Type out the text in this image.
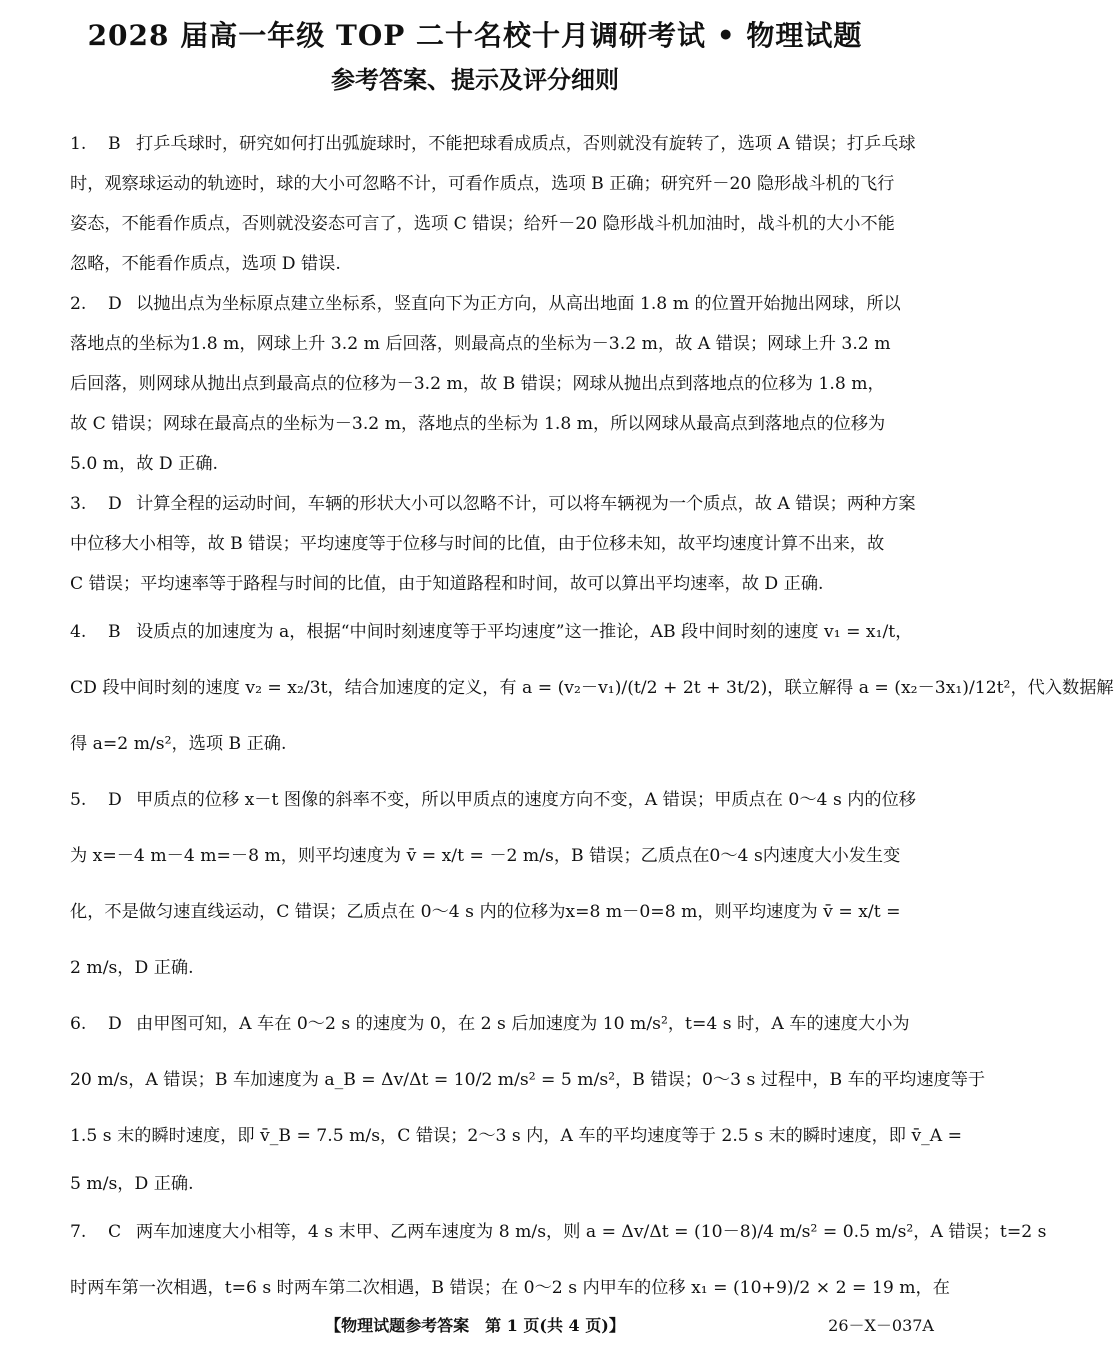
2028 届高一年级 TOP 二十名校十月调研考试 • 物理试题
参考答案、提示及评分细则
1. B 打乒乓球时，研究如何打出弧旋球时，不能把球看成质点，否则就没有旋转了，选项 A 错误；打乒乓球
时，观察球运动的轨迹时，球的大小可忽略不计，可看作质点，选项 B 正确；研究歼－20 隐形战斗机的飞行
姿态，不能看作质点，否则就没姿态可言了，选项 C 错误；给歼－20 隐形战斗机加油时，战斗机的大小不能
忽略，不能看作质点，选项 D 错误.
2. D 以抛出点为坐标原点建立坐标系，竖直向下为正方向，从高出地面 1.8 m 的位置开始抛出网球，所以
落地点的坐标为1.8 m，网球上升 3.2 m 后回落，则最高点的坐标为－3.2 m，故 A 错误；网球上升 3.2 m
后回落，则网球从抛出点到最高点的位移为－3.2 m，故 B 错误；网球从抛出点到落地点的位移为 1.8 m，
故 C 错误；网球在最高点的坐标为－3.2 m，落地点的坐标为 1.8 m，所以网球从最高点到落地点的位移为
5.0 m，故 D 正确.
3. D 计算全程的运动时间，车辆的形状大小可以忽略不计，可以将车辆视为一个质点，故 A 错误；两种方案
中位移大小相等，故 B 错误；平均速度等于位移与时间的比值，由于位移未知，故平均速度计算不出来，故
C 错误；平均速率等于路程与时间的比值，由于知道路程和时间，故可以算出平均速率，故 D 正确.
4. B 设质点的加速度为 a，根据“中间时刻速度等于平均速度”这一推论，AB 段中间时刻的速度 v₁ = x₁/t，
CD 段中间时刻的速度 v₂ = x₂/3t，结合加速度的定义，有 a = (v₂－v₁)/(t/2 + 2t + 3t/2)，联立解得 a = (x₂－3x₁)/12t²，代入数据解
得 a=2 m/s²，选项 B 正确.
5. D 甲质点的位移 x－t 图像的斜率不变，所以甲质点的速度方向不变，A 错误；甲质点在 0～4 s 内的位移
为 x=－4 m－4 m=－8 m，则平均速度为 v̄ = x/t = －2 m/s，B 错误；乙质点在0～4 s内速度大小发生变
化，不是做匀速直线运动，C 错误；乙质点在 0～4 s 内的位移为x=8 m－0=8 m，则平均速度为 v̄ = x/t =
2 m/s，D 正确.
6. D 由甲图可知，A 车在 0～2 s 的速度为 0，在 2 s 后加速度为 10 m/s²，t=4 s 时，A 车的速度大小为
20 m/s，A 错误；B 车加速度为 a_B = Δv/Δt = 10/2 m/s² = 5 m/s²，B 错误；0～3 s 过程中，B 车的平均速度等于
1.5 s 末的瞬时速度，即 v̄_B = 7.5 m/s，C 错误；2～3 s 内，A 车的平均速度等于 2.5 s 末的瞬时速度，即 v̄_A =
5 m/s，D 正确.
7. C 两车加速度大小相等，4 s 末甲、乙两车速度为 8 m/s，则 a = Δv/Δt = (10－8)/4 m/s² = 0.5 m/s²，A 错误；t=2 s
时两车第一次相遇，t=6 s 时两车第二次相遇，B 错误；在 0～2 s 内甲车的位移 x₁ = (10+9)/2 × 2 = 19 m，在
【物理试题参考答案　第 1 页(共 4 页)】	26－X－037A
